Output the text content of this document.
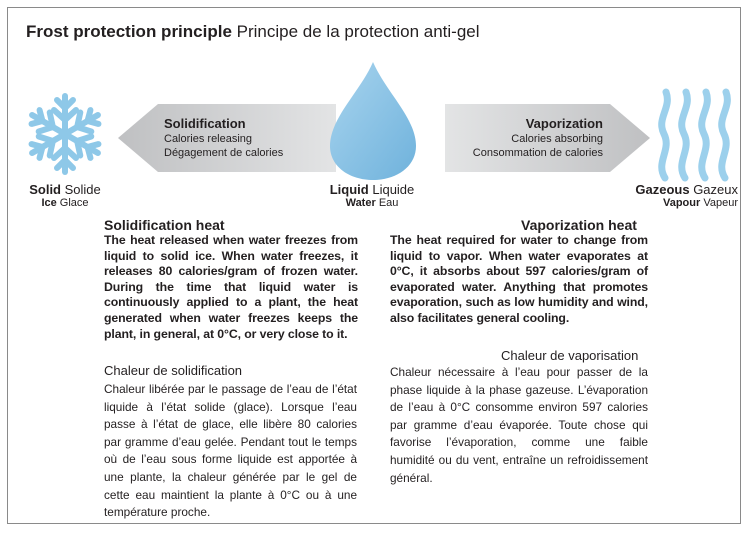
Frost protection principle Principe de la protection anti-gel
Solidification
Calories releasing
Dégagement de calories
Vaporization
Calories absorbing
Consommation de calories
Solid Solide
Ice Glace
Liquid Liquide
Water Eau
Gazeous Gazeux
Vapour Vapeur
Solidification heat
The heat released when water freezes from liquid to solid ice. When water freezes, it releases 80 calories/gram of frozen water. During the time that liquid water is continuously applied to a plant, the heat generated when water freezes keeps the plant, in general, at 0°C, or very close to it.
Chaleur de solidification
Chaleur libérée par le passage de l’eau de l’état liquide à l’état solide (glace). Lorsque l’eau passe à l’état de glace, elle libère 80 calories par gramme d’eau gelée. Pendant tout le temps où de l’eau sous forme liquide est apportée à une plante, la chaleur générée par le gel de cette eau maintient la plante à 0°C ou à une température proche.
Vaporization heat
The heat required for water to change from liquid to vapor. When water evaporates at 0°C, it absorbs about 597 calories/gram of evaporated water. Anything that promotes evaporation, such as low humidity and wind, also facilitates general cooling.
Chaleur de vaporisation
Chaleur nécessaire à l’eau pour passer de la phase liquide à la phase gazeuse. L’évaporation de l’eau à 0°C consomme environ 597 calories par gramme d’eau évaporée. Toute chose qui favorise l’évaporation, comme une faible humidité ou du vent, entraîne un refroidissement général.
